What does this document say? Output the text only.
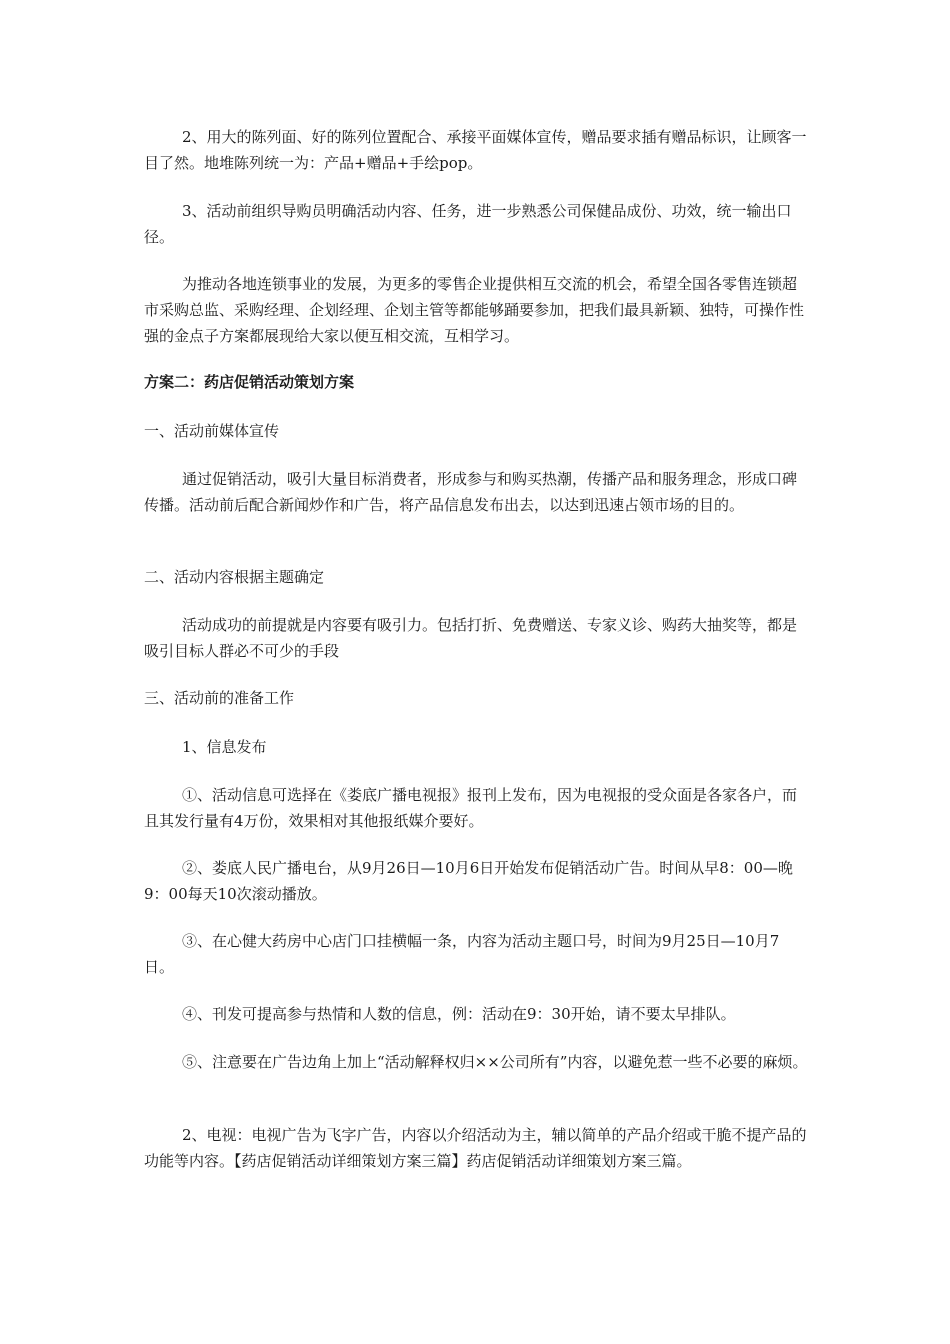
2、用大的陈列面、好的陈列位置配合、承接平面媒体宣传，赠品要求插有赠品标识，让顾客一目了然。地堆陈列统一为：产品+赠品+手绘pop。

3、活动前组织导购员明确活动内容、任务，进一步熟悉公司保健品成份、功效，统一输出口径。

为推动各地连锁事业的发展，为更多的零售企业提供相互交流的机会，希望全国各零售连锁超市采购总监、采购经理、企划经理、企划主管等都能够踊要参加，把我们最具新颖、独特，可操作性强的金点子方案都展现给大家以便互相交流，互相学习。

方案二：药店促销活动策划方案

一、活动前媒体宣传

通过促销活动，吸引大量目标消费者，形成参与和购买热潮，传播产品和服务理念，形成口碑传播。活动前后配合新闻炒作和广告，将产品信息发布出去，以达到迅速占领市场的目的。

二、活动内容根据主题确定

活动成功的前提就是内容要有吸引力。包括打折、免费赠送、专家义诊、购药大抽奖等，都是吸引目标人群必不可少的手段

三、活动前的准备工作

1、信息发布

①、活动信息可选择在《娄底广播电视报》报刊上发布，因为电视报的受众面是各家各户，而且其发行量有4万份，效果相对其他报纸媒介要好。

②、娄底人民广播电台，从9月26日—10月6日开始发布促销活动广告。时间从早8：00—晚9：00每天10次滚动播放。

③、在心健大药房中心店门口挂横幅一条，内容为活动主题口号，时间为9月25日—10月7日。

④、刊发可提高参与热情和人数的信息，例：活动在9：30开始，请不要太早排队。

⑤、注意要在广告边角上加上“活动解释权归××公司所有”内容，以避免惹一些不必要的麻烦。

2、电视：电视广告为飞字广告，内容以介绍活动为主，辅以简单的产品介绍或干脆不提产品的功能等内容。【药店促销活动详细策划方案三篇】药店促销活动详细策划方案三篇。
